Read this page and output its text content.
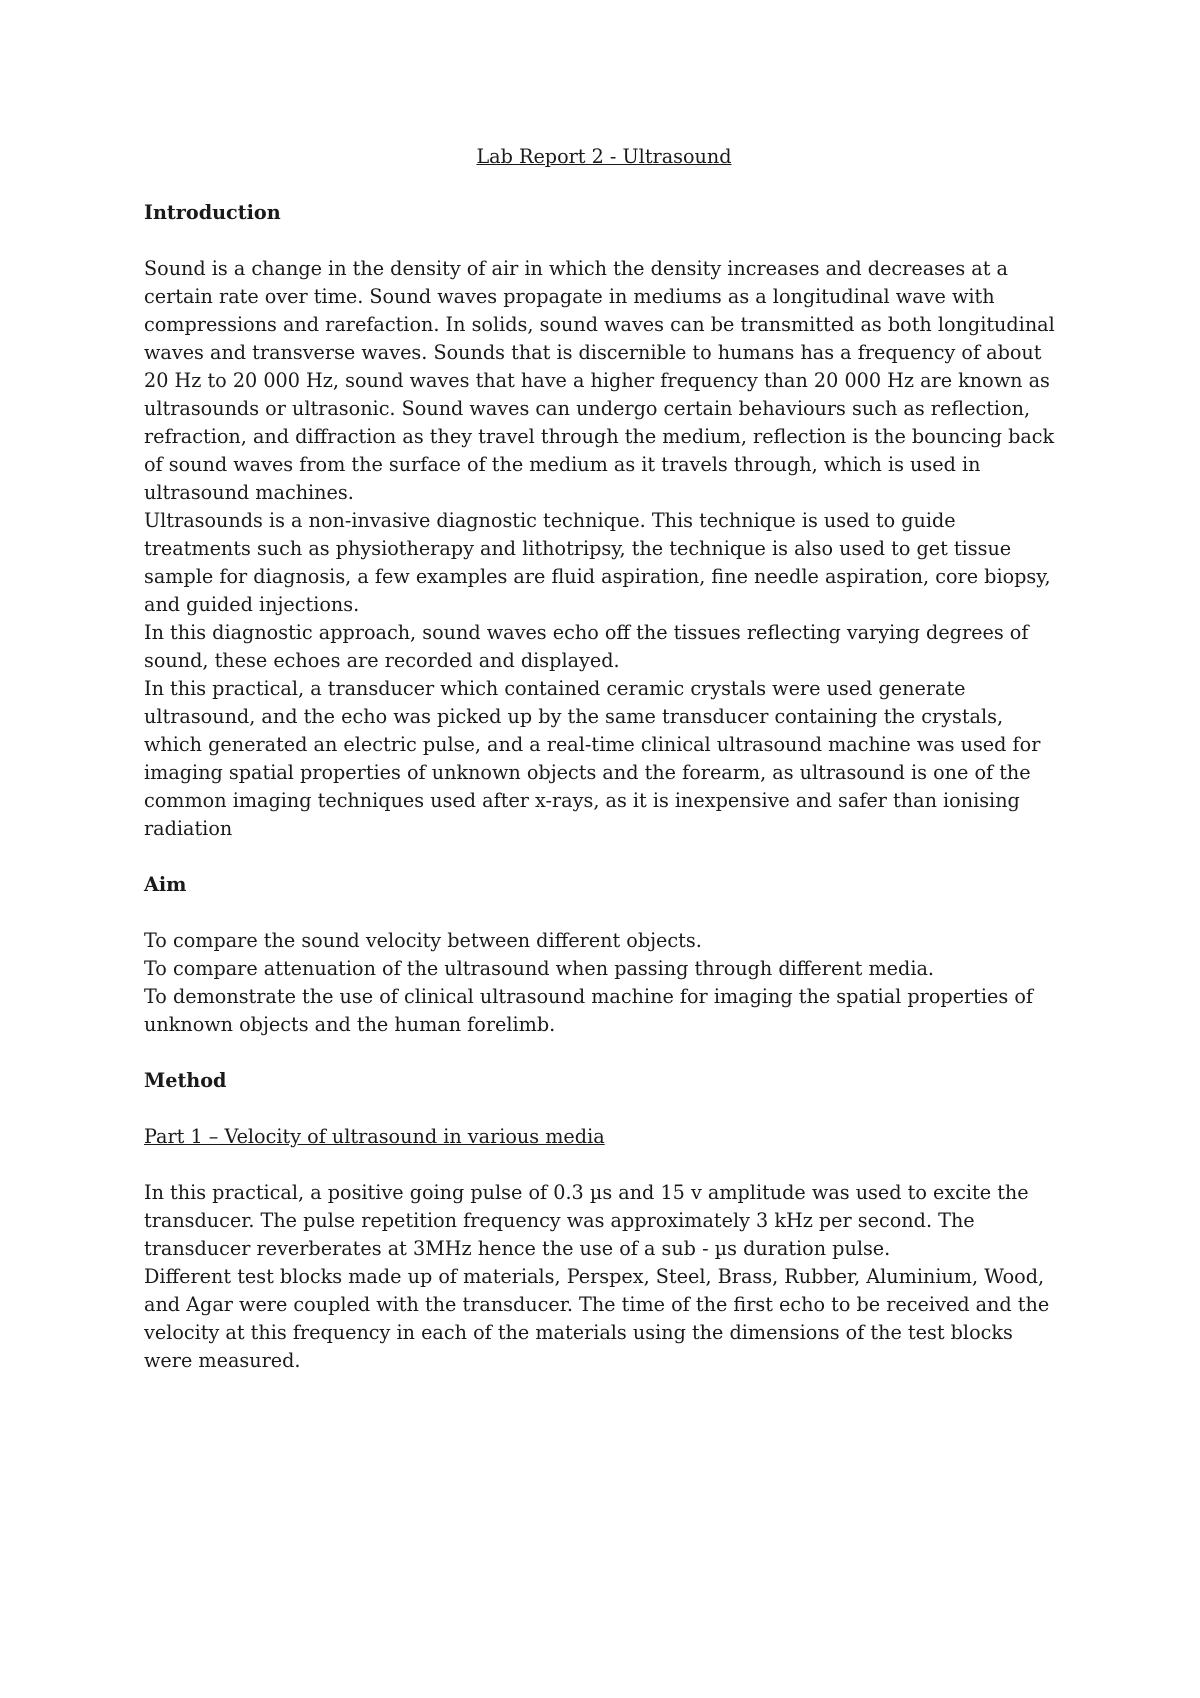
Lab Report 2 - Ultrasound
Introduction

Sound is a change in the density of air in which the density increases and decreases at a certain rate over time. Sound waves propagate in mediums as a longitudinal wave with compressions and rarefaction. In solids, sound waves can be transmitted as both longitudinal waves and transverse waves. Sounds that is discernible to humans has a frequency of about 20 Hz to 20 000 Hz, sound waves that have a higher frequency than 20 000 Hz are known as ultrasounds or ultrasonic. Sound waves can undergo certain behaviours such as reflection, refraction, and diffraction as they travel through the medium, reflection is the bouncing back of sound waves from the surface of the medium as it travels through, which is used in ultrasound machines.

Ultrasounds is a non-invasive diagnostic technique. This technique is used to guide treatments such as physiotherapy and lithotripsy, the technique is also used to get tissue sample for diagnosis, a few examples are fluid aspiration, fine needle aspiration, core biopsy, and guided injections.

In this diagnostic approach, sound waves echo off the tissues reflecting varying degrees of sound, these echoes are recorded and displayed.

In this practical, a transducer which contained ceramic crystals were used generate ultrasound, and the echo was picked up by the same transducer containing the crystals, which generated an electric pulse, and a real-time clinical ultrasound machine was used for imaging spatial properties of unknown objects and the forearm, as ultrasound is one of the common imaging techniques used after x-rays, as it is inexpensive and safer than ionising radiation

Aim

To compare the sound velocity between different objects.

To compare attenuation of the ultrasound when passing through different media.

To demonstrate the use of clinical ultrasound machine for imaging the spatial properties of unknown objects and the human forelimb.

Method
Part 1 – Velocity of ultrasound in various media

In this practical, a positive going pulse of 0.3 µs and 15 v amplitude was used to excite the transducer. The pulse repetition frequency was approximately 3 kHz per second. The transducer reverberates at 3MHz hence the use of a sub - µs duration pulse.

Different test blocks made up of materials, Perspex, Steel, Brass, Rubber, Aluminium, Wood, and Agar were coupled with the transducer. The time of the first echo to be received and the velocity at this frequency in each of the materials using the dimensions of the test blocks were measured.
